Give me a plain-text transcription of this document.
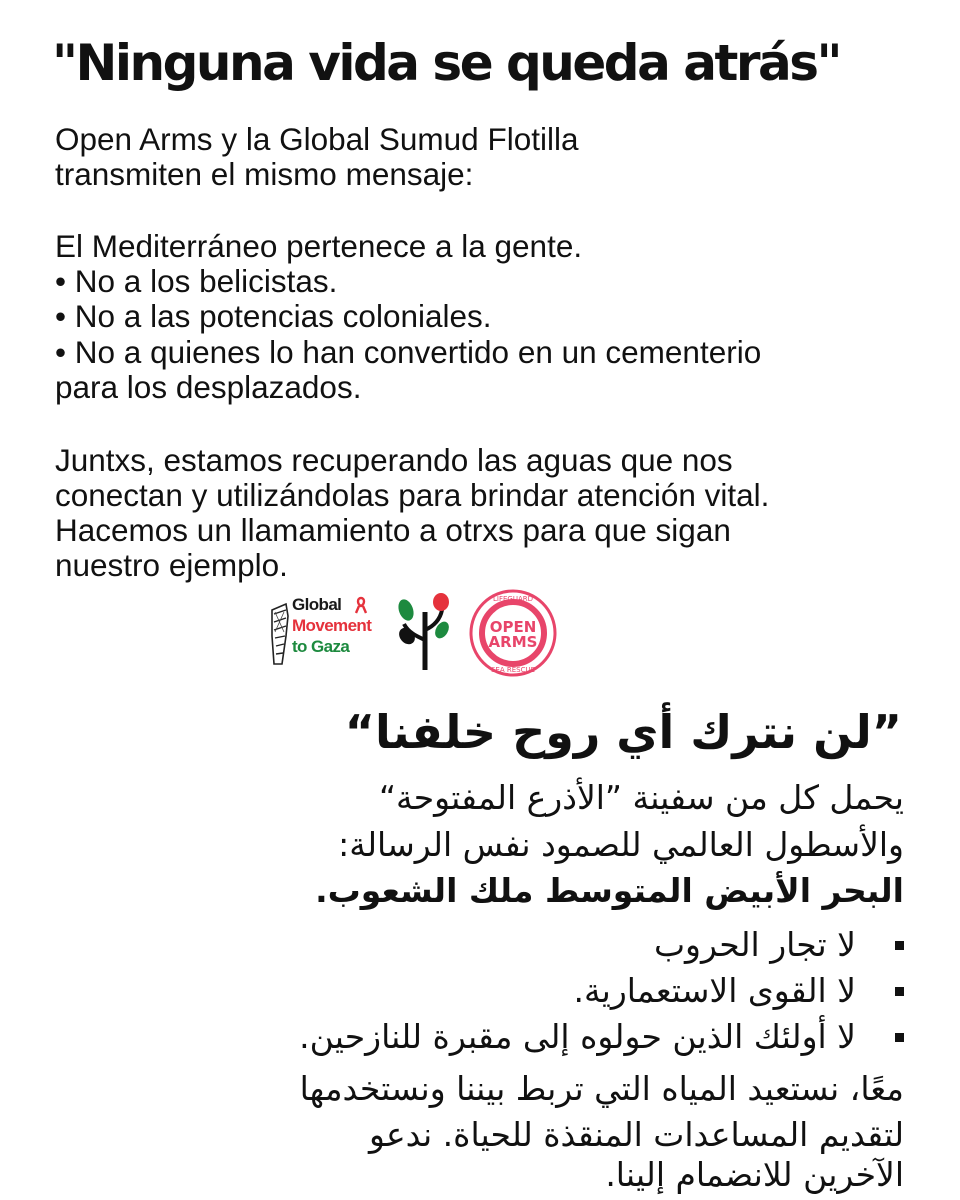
"Ninguna vida se queda atrás"
Open Arms y la Global Sumud Flotilla
transmiten el mismo mensaje:
El Mediterráneo pertenece a la gente.
• No a los belicistas.
• No a las potencias coloniales.
• No a quienes lo han convertido en un cementerio
para los desplazados.
Juntxs, estamos recuperando las aguas que nos
conectan y utilizándolas para brindar atención vital.
Hacemos un llamamiento a otrxs para que sigan
nuestro ejemplo.
Global
Movement
to Gaza
LIFEGUARD
SEA RESCUE
OPEN
ARMS
”لن نترك أي روح خلفنا“
يحمل كل من سفينة ”الأذرع المفتوحة“
والأسطول العالمي للصمود نفس الرسالة:
البحر الأبيض المتوسط ملك الشعوب.
لا تجار الحروب
لا القوى الاستعمارية.
لا أولئك الذين حولوه إلى مقبرة للنازحين.
معًا، نستعيد المياه التي تربط بيننا ونستخدمها
لتقديم المساعدات المنقذة للحياة. ندعو
الآخرين للانضمام إلينا.
